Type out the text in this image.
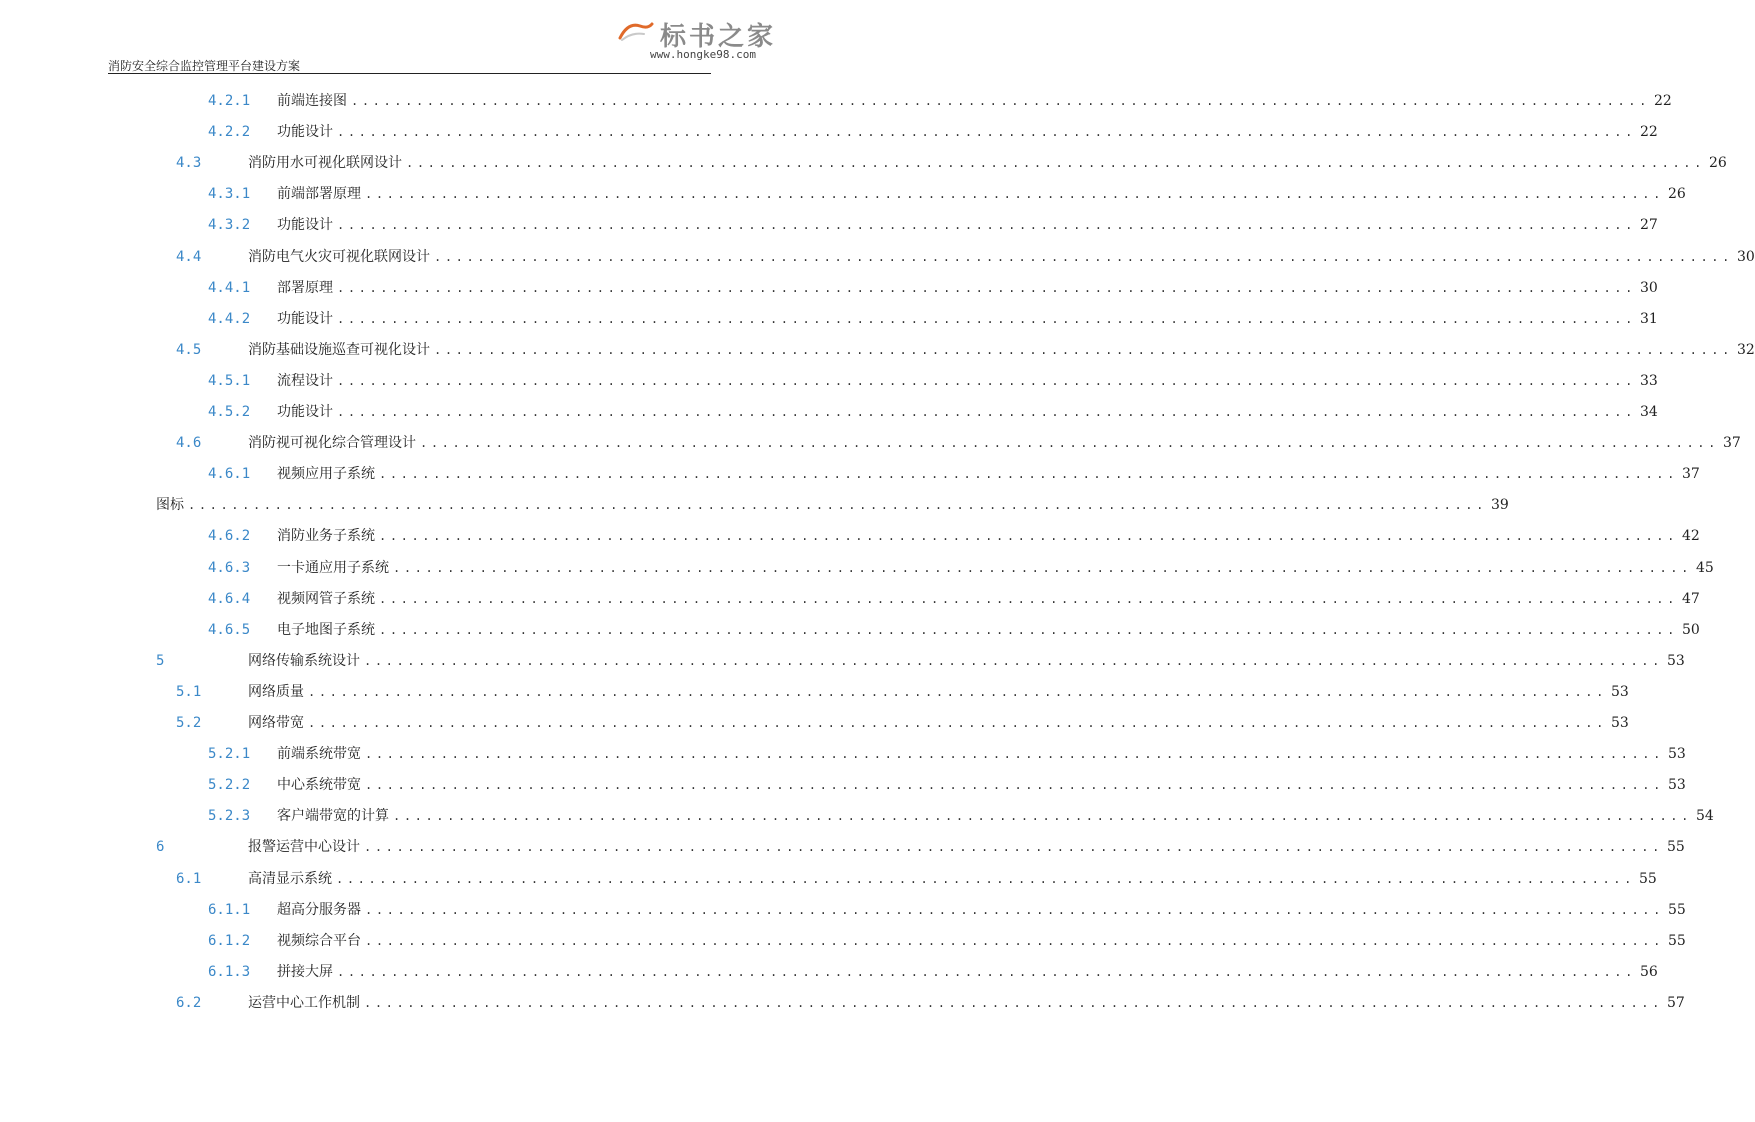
消防安全综合监控管理平台建设方案
标书之家
www.hongke98.com
4.2.1 前端连接图 ........................................................................................................................ 22
4.2.2 功能设计 ........................................................................................................................ 22
4.3	消防用水可视化联网设计 ........................................................................................................................ 26
4.3.1 前端部署原理 ........................................................................................................................ 26
4.3.2 功能设计 ........................................................................................................................ 27
4.4	消防电气火灾可视化联网设计 ........................................................................................................................ 30
4.4.1 部署原理 ........................................................................................................................ 30
4.4.2 功能设计 ........................................................................................................................ 31
4.5	消防基础设施巡查可视化设计 ........................................................................................................................ 32
4.5.1 流程设计 ........................................................................................................................ 33
4.5.2 功能设计 ........................................................................................................................ 34
4.6	消防视可视化综合管理设计 ........................................................................................................................ 37
4.6.1 视频应用子系统 ........................................................................................................................ 37
图标 ........................................................................................................................ 39
4.6.2 消防业务子系统 ........................................................................................................................ 42
4.6.3 一卡通应用子系统 ........................................................................................................................ 45
4.6.4 视频网管子系统 ........................................................................................................................ 47
4.6.5 电子地图子系统 ........................................................................................................................ 50
5	网络传输系统设计 ........................................................................................................................ 53
5.1	网络质量 ........................................................................................................................ 53
5.2	网络带宽 ........................................................................................................................ 53
5.2.1 前端系统带宽 ........................................................................................................................ 53
5.2.2 中心系统带宽 ........................................................................................................................ 53
5.2.3 客户端带宽的计算 ........................................................................................................................ 54
6	报警运营中心设计 ........................................................................................................................ 55
6.1	高清显示系统 ........................................................................................................................ 55
6.1.1 超高分服务器 ........................................................................................................................ 55
6.1.2 视频综合平台 ........................................................................................................................ 55
6.1.3 拼接大屏 ........................................................................................................................ 56
6.2	运营中心工作机制 ........................................................................................................................ 57
